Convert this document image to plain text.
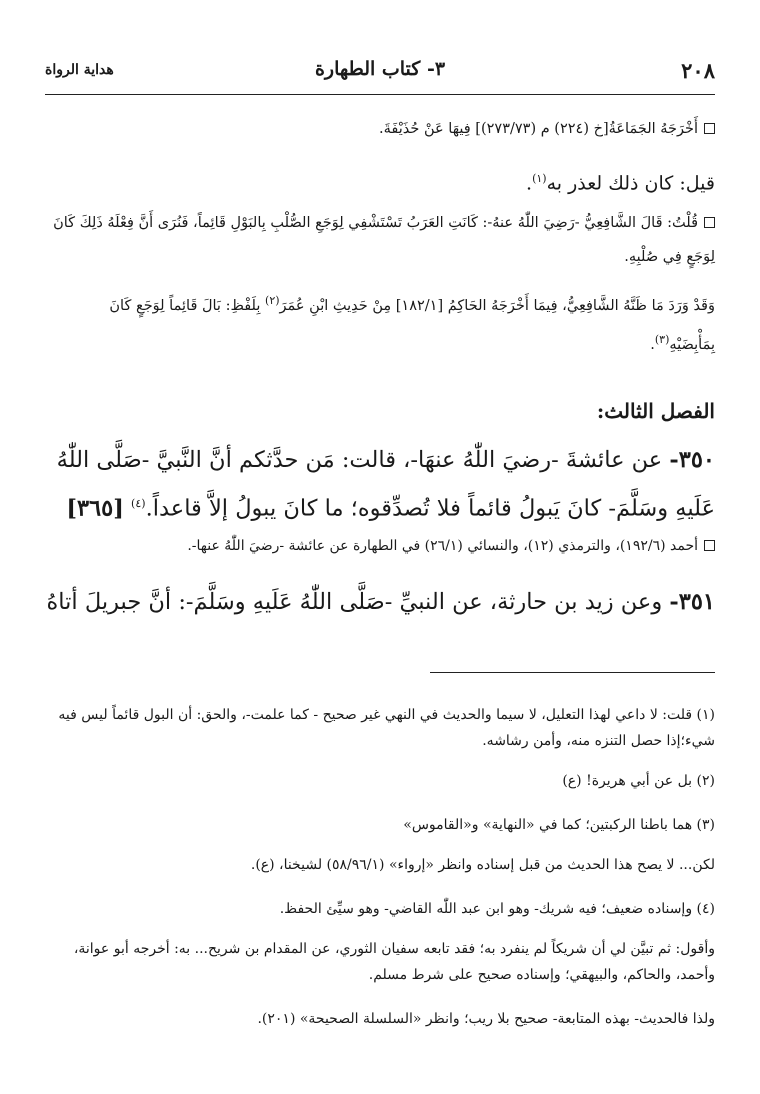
هداية الرواة	٣- كتاب الطهارة	٢٠٨
أَخْرَجَهُ الجَمَاعَةُ[خ (٢٢٤) م (٢٧٣/٧٣)] فِيهَا عَنْ حُذَيْفَةَ.
قيل: كان ذلك لعذر به$^{(١)}$.
قُلْتُ: قَالَ الشَّافِعِيُّ -رَضِيَ اللّٰهُ عنهُ-: كَانَتِ العَرَبُ تَسْتَشْفِي لِوَجَعِ الصُّلْبِ بِالبَوْلِ قَائِماً، فَنُرَى أَنَّ فِعْلَهُ ذَلِكَ كَانَ لِوَجَعٍ فِي صُلْبِهِ.
وَقَدْ وَرَدَ مَا ظَنَّهُ الشَّافِعِيُّ، فِيمَا أَخْرَجَهُ الحَاكِمُ [١٨٢/١] مِنْ حَدِيثِ ابْنِ عُمَرَ$^{(٢)}$ بِلَفْظِ: بَالَ قَائِماً لِوَجَعٍ كَانَ بِمَأْبِضَيْهِ$^{(٣)}$.
الفصل الثالث:
٣٥٠- عن عائشةَ -رضيَ اللّٰهُ عنهَا-، قالت: مَن حدَّثكم أنَّ النَّبيَّ -صَلَّى اللّٰهُ عَلَيهِ وسَلَّمَ- كانَ يَبولُ قائماً فلا تُصدِّقوه؛ ما كانَ يبولُ إلاَّ قاعداً.$^{(٤)}$ [٣٦٥]
أحمد (١٩٢/٦)، والترمذي (١٢)، والنسائي (٢٦/١) في الطهارة عن عائشة -رضيَ اللّٰهُ عنها-.
٣٥١- وعن زيد بن حارثة، عن النبيِّ -صَلَّى اللّٰهُ عَلَيهِ وسَلَّمَ-: أنَّ جبريلَ أتاهُ
(١) قلت: لا داعي لهذا التعليل، لا سيما والحديث في النهي غير صحيح - كما علمت-، والحق: أن البول قائماً ليس فيه شيء؛إذا حصل التنزه منه، وأمن رشاشه.
(٢) بل عن أبي هريرة! (ع)
(٣) هما باطنا الركبتين؛ كما في «النهاية» و«القاموس»
لكن... لا يصح هذا الحديث من قبل إسناده وانظر «إرواء» (٥٨/٩٦/١) لشيخنا، (ع).
(٤) وإسناده ضعيف؛ فيه شريك- وهو ابن عبد اللّٰه القاضي- وهو سيِّئ الحفظ.
وأقول: ثم تبيَّن لي أن شريكاً لم ينفرد به؛ فقد تابعه سفيان الثوري، عن المقدام بن شريح... به: أخرجه أبو عوانة، وأحمد، والحاكم، والبيهقي؛ وإسناده صحيح على شرط مسلم.
ولذا فالحديث- بهذه المتابعة- صحيح بلا ريب؛ وانظر «السلسلة الصحيحة» (٢٠١).
